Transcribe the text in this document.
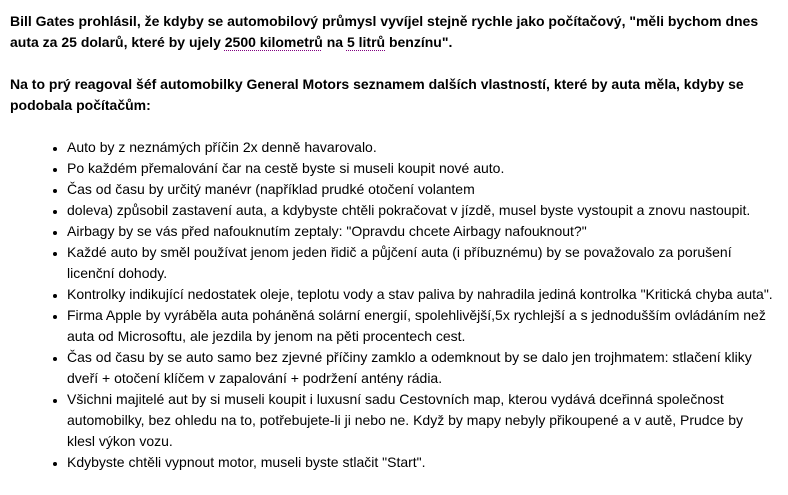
Bill Gates prohlásil, že kdyby se automobilový průmysl vyvíjel stejně rychle jako počítačový, "měli bychom dnes auta za 25 dolarů, které by ujely 2500 kilometrů na 5 litrů benzínu".

Na to prý reagoval šéf automobilky General Motors seznamem dalších vlastností, které by auta měla, kdyby se podobala počítačům:

• Auto by z neznámých příčin 2x denně havarovalo.
• Po každém přemalování čar na cestě byste si museli koupit nové auto.
• Čas od času by určitý manévr (například prudké otočení volantem
• doleva) způsobil zastavení auta, a kdybyste chtěli pokračovat v jízdě, musel byste vystoupit a znovu nastoupit.
• Airbagy by se vás před nafouknutím zeptaly: "Opravdu chcete Airbagy nafouknout?"
• Každé auto by směl používat jenom jeden řidič a půjčení auta (i příbuznému) by se považovalo za porušení licenční dohody.
• Kontrolky indikující nedostatek oleje, teplotu vody a stav paliva by nahradila jediná kontrolka "Kritická chyba auta".
• Firma Apple by vyráběla auta poháněná solární energií, spolehlivější,5x rychlejší a s jednodušším ovládáním než auta od Microsoftu, ale jezdila by jenom na pěti procentech cest.
• Čas od času by se auto samo bez zjevné příčiny zamklo a odemknout by se dalo jen trojhmatem: stlačení kliky dveří + otočení klíčem v zapalování + podržení antény rádia.
• Všichni majitelé aut by si museli koupit i luxusní sadu Cestovních map, kterou vydává dceřinná společnost automobilky, bez ohledu na to, potřebujete-li ji nebo ne. Když by mapy nebyly přikoupené a v autě, Prudce by klesl výkon vozu.
• Kdybyste chtěli vypnout motor, museli byste stlačit "Start".
